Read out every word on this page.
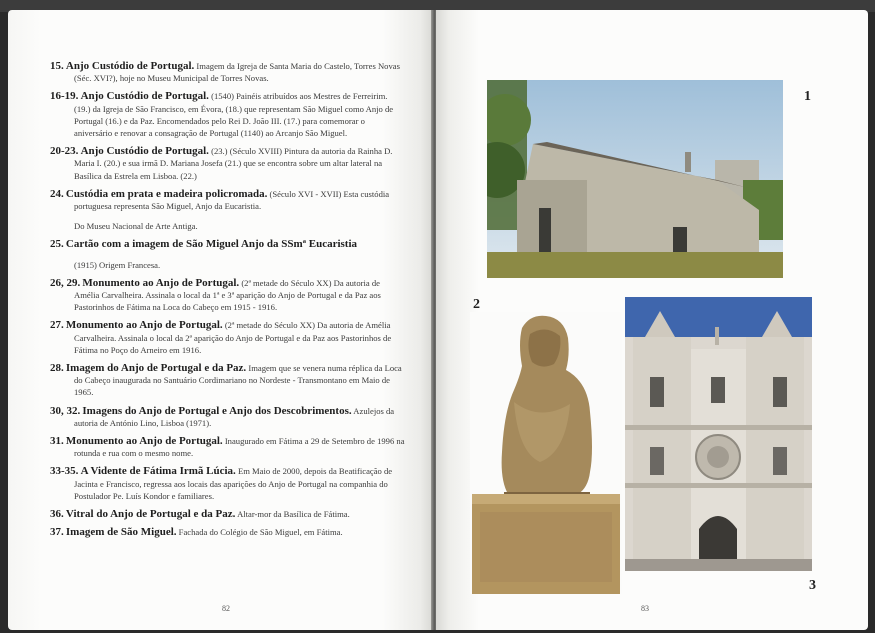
15. Anjo Custódio de Portugal. Imagem da Igreja de Santa Maria do Castelo, Torres Novas (Séc. XVI?), hoje no Museu Municipal de Torres Novas.
16-19. Anjo Custódio de Portugal. (1540) Painéis atribuídos aos Mestres de Ferreirim. (19.) da Igreja de São Francisco, em Évora, (18.) que representam São Miguel como Anjo de Portugal (16.) e da Paz. Encomendados pelo Rei D. João III. (17.) para comemorar o aniversário e renovar a consagração de Portugal (1140) ao Arcanjo São Miguel.
20-23. Anjo Custódio de Portugal. (23.) (Século XVIII) Pintura da autoria da Rainha D. Maria I. (20.) e sua irmã D. Mariana Josefa (21.) que se encontra sobre um altar lateral na Basílica da Estrela em Lisboa. (22.)
24. Custódia em prata e madeira policromada. (Século XVI - XVII) Esta custódia portuguesa representa São Miguel, Anjo da Eucaristia.
Do Museu Nacional de Arte Antiga.
25. Cartão com a imagem de São Miguel Anjo da SSmª Eucaristia
(1915) Origem Francesa.
26, 29. Monumento ao Anjo de Portugal. (2ª metade do Século XX) Da autoria de Amélia Carvalheira. Assinala o local da 1ª e 3ª aparição do Anjo de Portugal e da Paz aos Pastorinhos de Fátima na Loca do Cabeço em 1915 - 1916.
27. Monumento ao Anjo de Portugal. (2ª metade do Século XX) Da autoria de Amélia Carvalheira. Assinala o local da 2ª aparição do Anjo de Portugal e da Paz aos Pastorinhos de Fátima no Poço do Arneiro em 1916.
28. Imagem do Anjo de Portugal e da Paz. Imagem que se venera numa réplica da Loca do Cabeço inaugurada no Santuário Cordimariano no Nordeste - Transmontano em Maio de 1965.
30, 32. Imagens do Anjo de Portugal e Anjo dos Descobrimentos. Azulejos da autoria de António Lino, Lisboa (1971).
31. Monumento ao Anjo de Portugal. Inaugurado em Fátima a 29 de Setembro de 1996 na rotunda e rua com o mesmo nome.
33-35. A Vidente de Fátima Irmã Lúcia. Em Maio de 2000, depois da Beatificação de Jacinta e Francisco, regressa aos locais das aparições do Anjo de Portugal na companhia do Postulador Pe. Luís Kondor e familiares.
36. Vitral do Anjo de Portugal e da Paz. Altar-mor da Basílica de Fátima.
37. Imagem de São Miguel. Fachada do Colégio de São Miguel, em Fátima.
82
1
2
3
83
